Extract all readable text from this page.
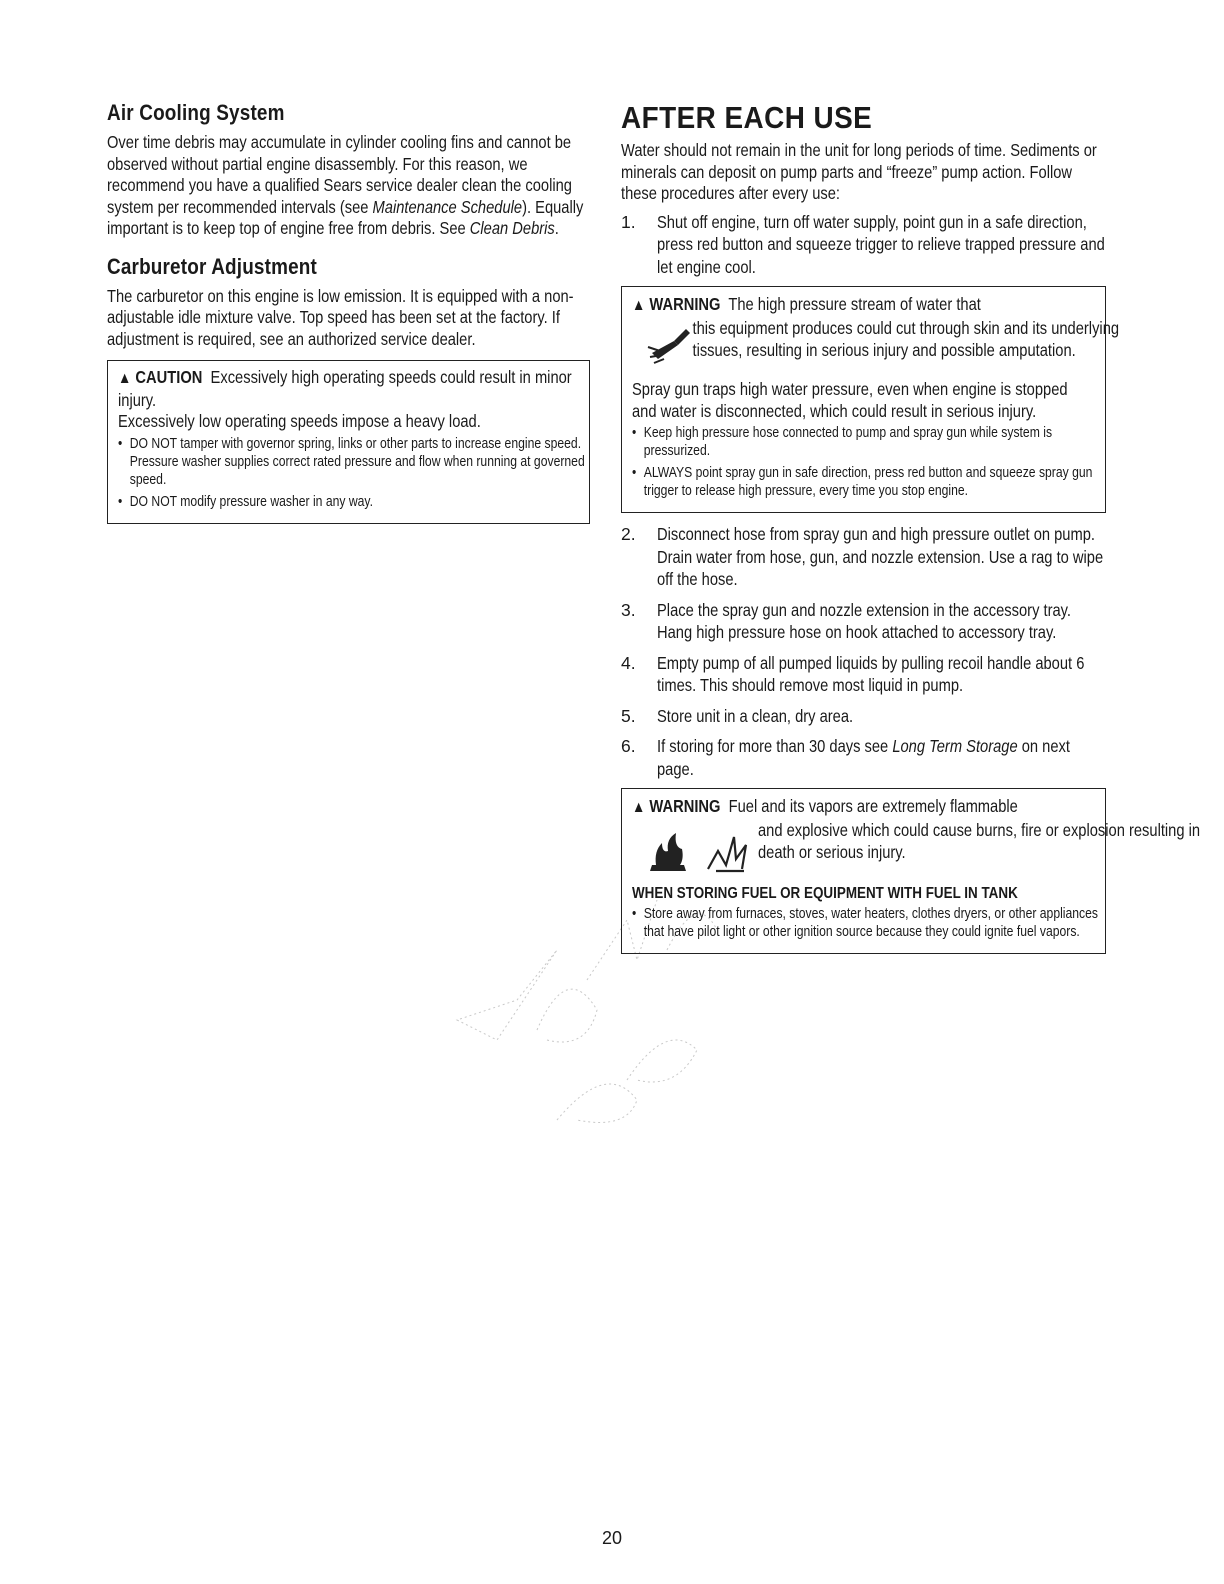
Air Cooling System

Over time debris may accumulate in cylinder cooling fins and cannot be observed without partial engine disassembly. For this reason, we recommend you have a qualified Sears service dealer clean the cooling system per recommended intervals (see Maintenance Schedule). Equally important is to keep top of engine free from debris. See Clean Debris.

Carburetor Adjustment

The carburetor on this engine is low emission. It is equipped with a non-adjustable idle mixture valve. Top speed has been set at the factory. If adjustment is required, see an authorized service dealer.

▲ CAUTION Excessively high operating speeds could result in minor injury.

Excessively low operating speeds impose a heavy load.

• DO NOT tamper with governor spring, links or other parts to increase engine speed. Pressure washer supplies correct rated pressure and flow when running at governed speed.
• DO NOT modify pressure washer in any way.
AFTER EACH USE

Water should not remain in the unit for long periods of time. Sediments or minerals can deposit on pump parts and “freeze” pump action. Follow these procedures after every use:

1. Shut off engine, turn off water supply, point gun in a safe direction, press red button and squeeze trigger to relieve trapped pressure and let engine cool.
▲ WARNING The high pressure stream of water that
this equipment produces could cut through skin and its underlying tissues, resulting in serious injury and possible amputation.

Spray gun traps high water pressure, even when engine is stopped and water is disconnected, which could result in serious injury.

• Keep high pressure hose connected to pump and spray gun while system is pressurized.
• ALWAYS point spray gun in safe direction, press red button and squeeze spray gun trigger to release high pressure, every time you stop engine.
2. Disconnect hose from spray gun and high pressure outlet on pump. Drain water from hose, gun, and nozzle extension. Use a rag to wipe off the hose.
3. Place the spray gun and nozzle extension in the accessory tray. Hang high pressure hose on hook attached to accessory tray.
4. Empty pump of all pumped liquids by pulling recoil handle about 6 times. This should remove most liquid in pump.
5. Store unit in a clean, dry area.
6. If storing for more than 30 days see Long Term Storage on next page.
▲ WARNING Fuel and its vapors are extremely flammable
and explosive which could cause burns, fire or explosion resulting in death or serious injury.
WHEN STORING FUEL OR EQUIPMENT WITH FUEL IN TANK
• Store away from furnaces, stoves, water heaters, clothes dryers, or other appliances that have pilot light or other ignition source because they could ignite fuel vapors.
20
